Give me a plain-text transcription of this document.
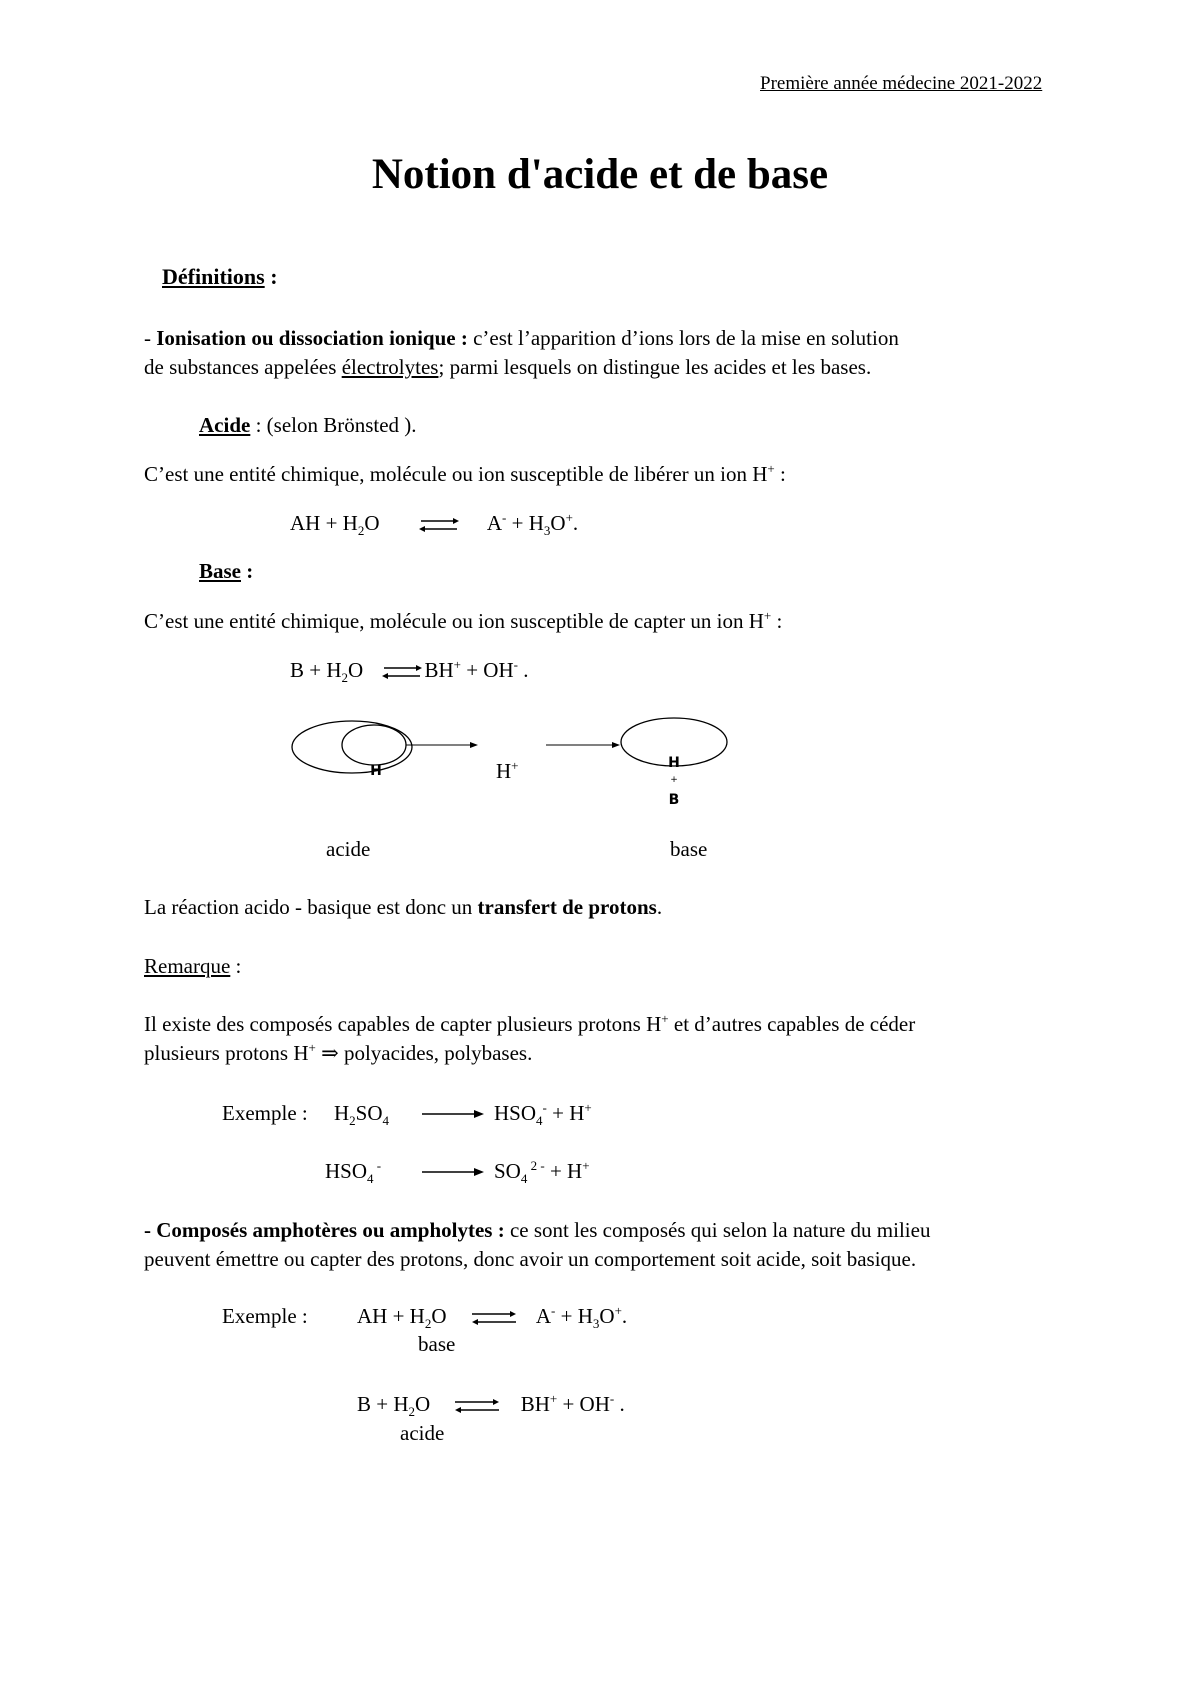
Première année médecine 2021-2022
Notion d'acide et de base
Définitions :
- Ionisation ou dissociation ionique : c’est l’apparition d’ions lors de la mise en solution
de substances appelées électrolytes; parmi lesquels on distingue les acides et les bases.
Acide : (selon Brönsted ).
C’est une entité chimique, molécule ou ion susceptible de libérer un ion H+ :
AH + $H_2O$	$A^- + H_3O^+$.
Base :
C’est une entité chimique, molécule ou ion susceptible de capter un ion H+ :
$B + H_2O$ ⇌BH+ + OH- .
H	H
+
B
H+
acide	base
La réaction acido - basique est donc un transfert de protons.
Remarque :
Il existe des composés capables de capter plusieurs protons H+ et d’autres capables de céder
plusieurs protons H+ ⇒ polyacides, polybases.
Exemple : $H_2SO_4 \to HSO_4^- + H^+$
$HSO_4$ $^- \to SO_4$ $^{2 -}$ + H+
- Composés amphotères ou ampholytes : ce sont les composés qui selon la nature du milieu
peuvent émettre ou capter des protons, donc avoir un comportement soit acide, soit basique.
Exemple : AH + $H_2O$ ⇌ $A^- + H_3O^+$.
base
$B + H_2O$ ⇌ BH+ + OH- .
acide
